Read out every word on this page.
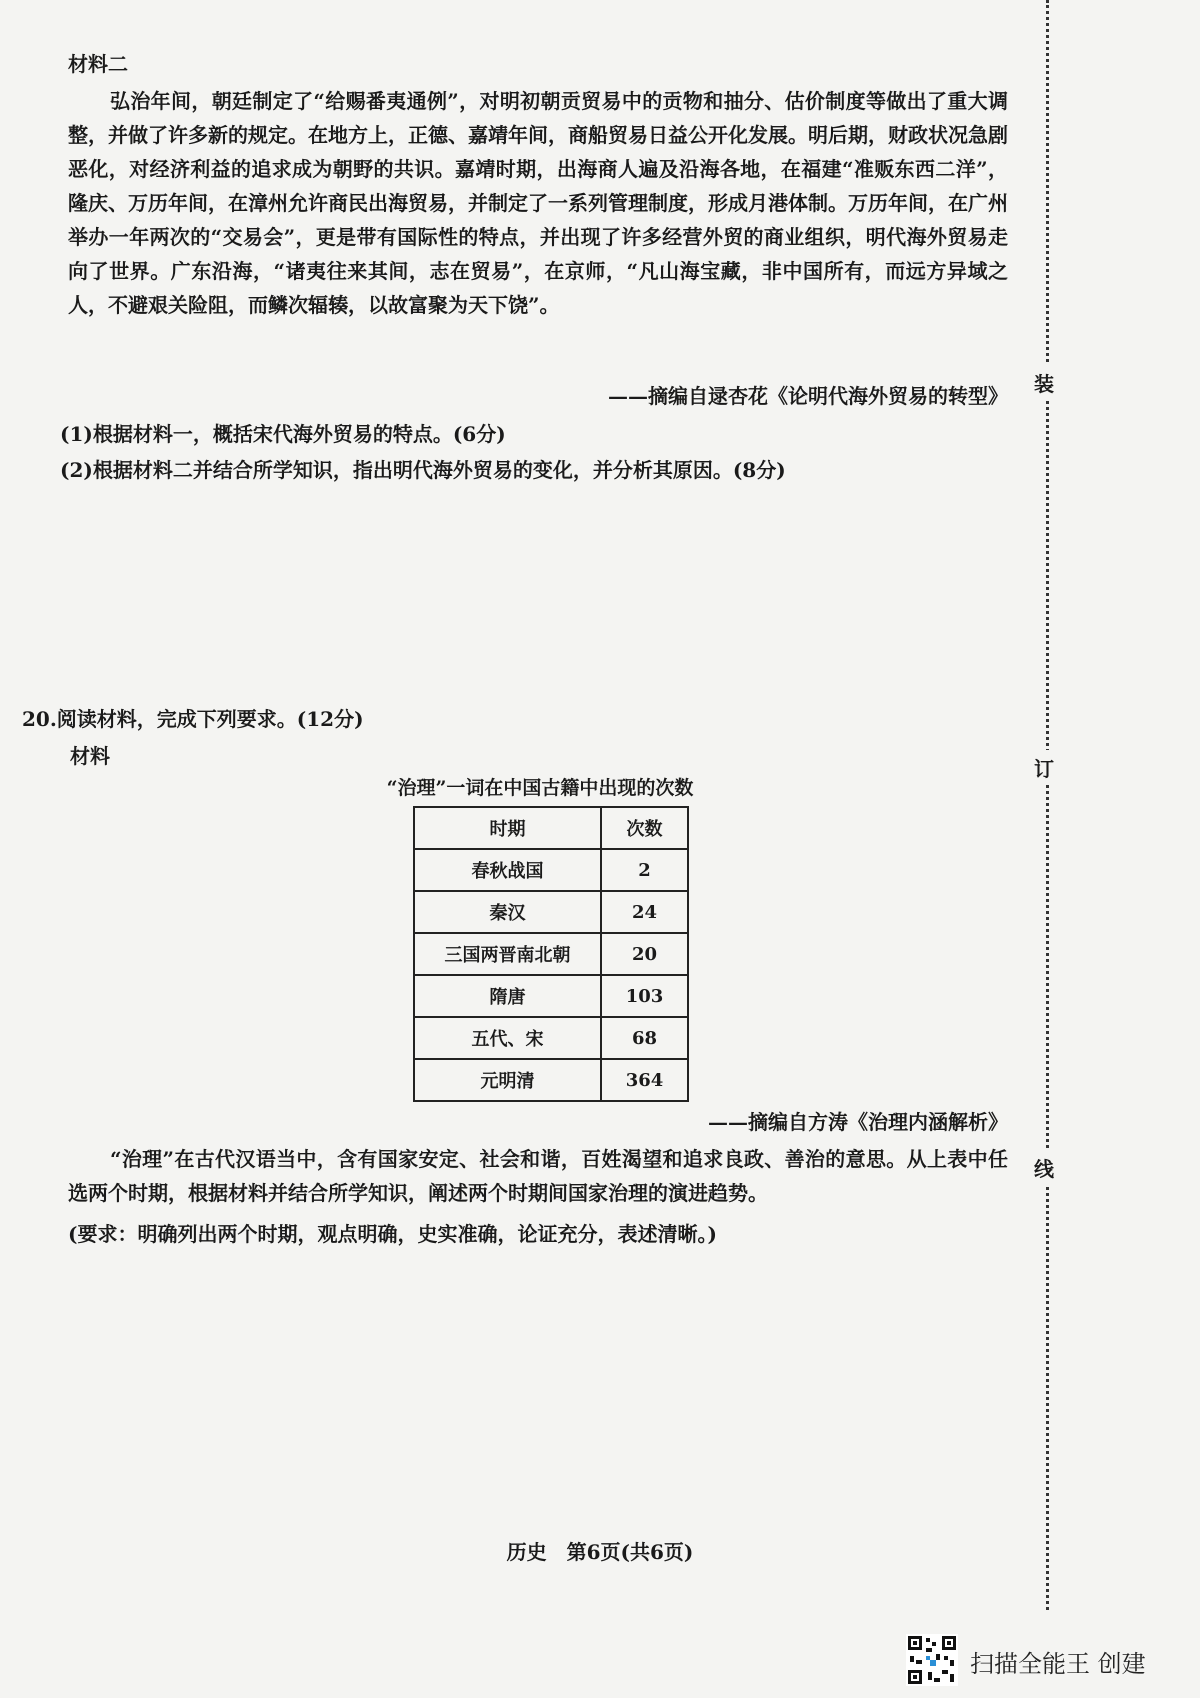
材料二
弘治年间，朝廷制定了“给赐番夷通例”，对明初朝贡贸易中的贡物和抽分、估价制度等做出了重大调整，并做了许多新的规定。在地方上，正德、嘉靖年间，商船贸易日益公开化发展。明后期，财政状况急剧恶化，对经济利益的追求成为朝野的共识。嘉靖时期，出海商人遍及沿海各地，在福建“准贩东西二洋”，隆庆、万历年间，在漳州允许商民出海贸易，并制定了一系列管理制度，形成月港体制。万历年间，在广州举办一年两次的“交易会”，更是带有国际性的特点，并出现了许多经营外贸的商业组织，明代海外贸易走向了世界。广东沿海，“诸夷往来其间，志在贸易”，在京师，“凡山海宝藏，非中国所有，而远方异域之人，不避艰关险阻，而鳞次辐辏，以故富聚为天下饶”。
——摘编自逯杏花《论明代海外贸易的转型》
(1)根据材料一，概括宋代海外贸易的特点。(6分)
(2)根据材料二并结合所学知识，指出明代海外贸易的变化，并分析其原因。(8分)
20.阅读材料，完成下列要求。(12分)
材料
“治理”一词在中国古籍中出现的次数
时期	次数
春秋战国	2
秦汉	24
三国两晋南北朝	20
隋唐	103
五代、宋	68
元明清	364
——摘编自方涛《治理内涵解析》
“治理”在古代汉语当中，含有国家安定、社会和谐，百姓渴望和追求良政、善治的意思。从上表中任选两个时期，根据材料并结合所学知识，阐述两个时期间国家治理的演进趋势。
(要求：明确列出两个时期，观点明确，史实准确，论证充分，表述清晰。)
历史　第6页(共6页)
装
订
线
扫描全能王 创建
